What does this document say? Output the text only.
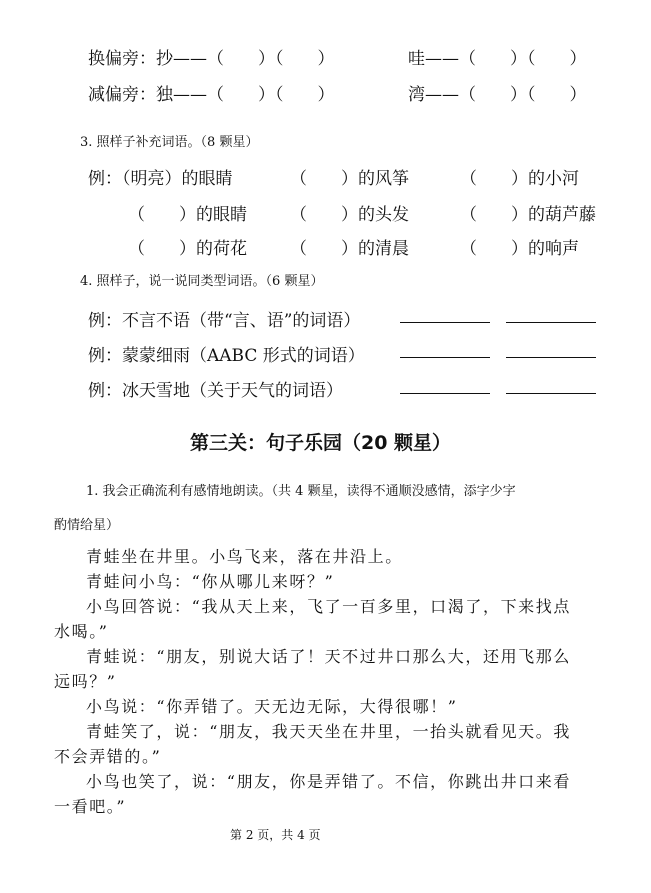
换偏旁：抄——（　　）（　　）	哇——（　　）（　　）
减偏旁：独——（　　）（　　）	湾——（　　）（　　）
3. 照样子补充词语。（8 颗星）
例：（明亮）的眼睛	（　　）的风筝	（　　）的小河
（　　）的眼睛	（　　）的头发	（　　）的葫芦藤
（　　）的荷花	（　　）的清晨	（　　）的响声
4. 照样子，说一说同类型词语。（6 颗星）
例：不言不语（带“言、语”的词语）
例：蒙蒙细雨（AABC 形式的词语）
例：冰天雪地（关于天气的词语）
第三关：句子乐园（20 颗星）
1. 我会正确流利有感情地朗读。（共 4 颗星，读得不通顺没感情，添字少字
酌情给星）
青蛙坐在井里。小鸟飞来，落在井沿上。
青蛙问小鸟：“你从哪儿来呀？”
小鸟回答说：“我从天上来，飞了一百多里，口渴了，下来找点
水喝。”
青蛙说：“朋友，别说大话了！天不过井口那么大，还用飞那么
远吗？”
小鸟说：“你弄错了。天无边无际，大得很哪！”
青蛙笑了，说：“朋友，我天天坐在井里，一抬头就看见天。我
不会弄错的。”
小鸟也笑了，说：“朋友，你是弄错了。不信，你跳出井口来看
一看吧。”
第 2 页，共 4 页
